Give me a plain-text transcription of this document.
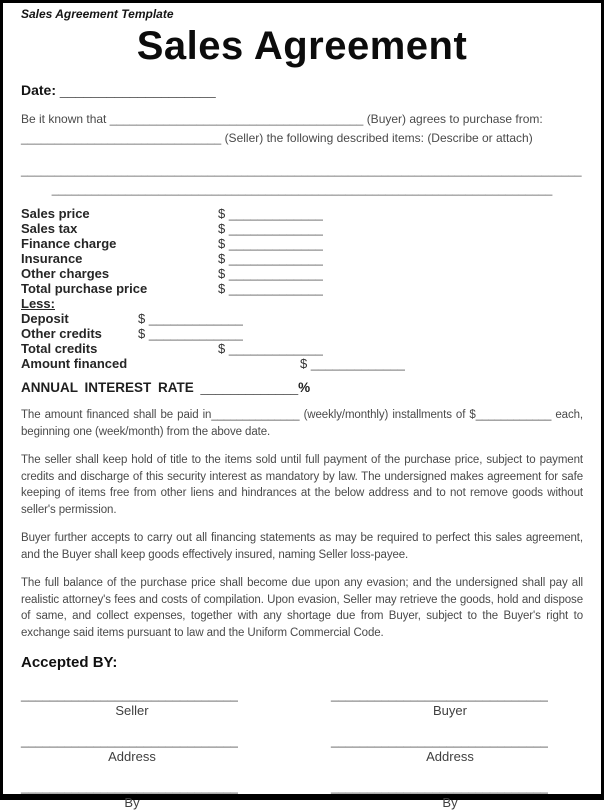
Sales Agreement Template
Sales Agreement
Date: ____________________
Be it known that ______________________________________ (Buyer) agrees to purchase from:
______________________________ (Seller) the following described items: (Describe or attach)
____________________________________________________________________________________
___________________________________________________________________________
Sales price	$ _____________
Sales tax	$ _____________
Finance charge	$ _____________
Insurance	$ _____________
Other charges	$ _____________
Total purchase price	$ _____________
Less:
Deposit	$ _____________
Other credits	$ _____________
Total credits	$ _____________
Amount financed	$ _____________
ANNUAL INTEREST RATE _____________%

The amount financed shall be paid in______________ (weekly/monthly) installments of $____________ each, beginning one (week/month) from the above date.

The seller shall keep hold of title to the items sold until full payment of the purchase price, subject to payment credits and discharge of this security interest as mandatory by law. The undersigned makes agreement for safe keeping of items free from other liens and hindrances at the below address and to not remove goods without seller's permission.

Buyer further accepts to carry out all financing statements as may be required to perfect this sales agreement, and the Buyer shall keep goods effectively insured, naming Seller loss-payee.

The full balance of the purchase price shall become due upon any evasion; and the undersigned shall pay all realistic attorney's fees and costs of compilation. Upon evasion, Seller may retrieve the goods, hold and dispose of same, and collect expenses, together with any shortage due from Buyer, subject to the Buyer's right to exchange said items pursuant to law and the Uniform Commercial Code.

Accepted BY:
______________________________
Seller
______________________________
Address
______________________________
By
______________________________
Buyer
______________________________
Address
______________________________
By
